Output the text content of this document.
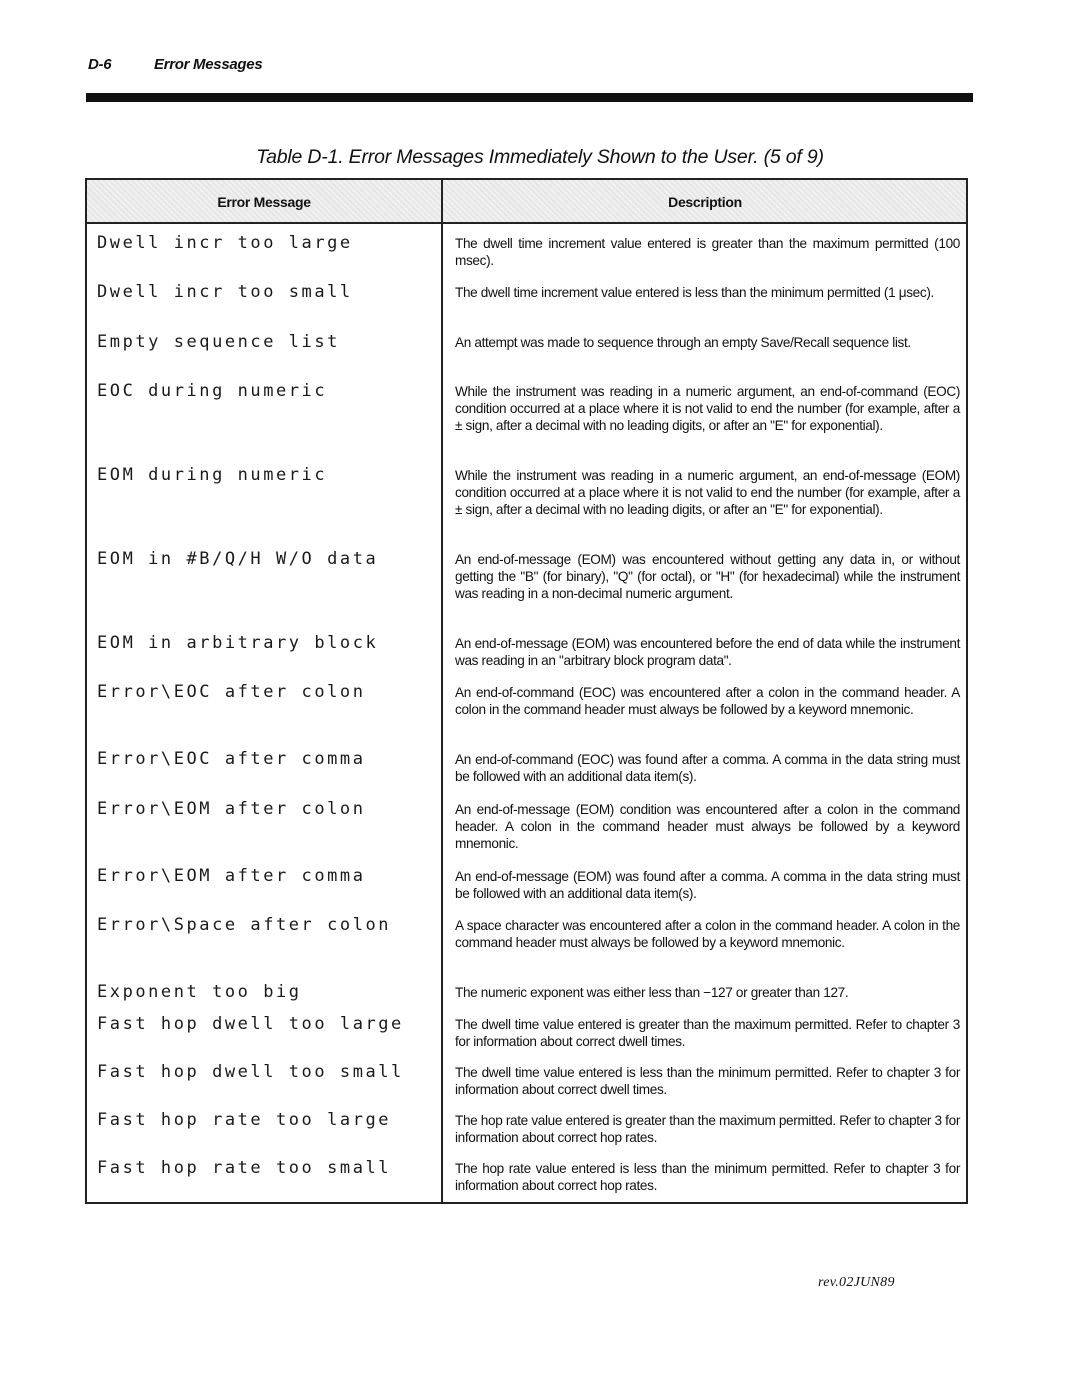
D-6	Error Messages
Table D-1. Error Messages Immediately Shown to the User. (5 of 9)
Error Message	Description
Dwell incr too large	The dwell time increment value entered is greater than the maximum permitted (100 msec).
Dwell incr too small	The dwell time increment value entered is less than the minimum permitted (1 μsec).
Empty sequence list	An attempt was made to sequence through an empty Save/Recall sequence list.
EOC during numeric	While the instrument was reading in a numeric argument, an end-of-command (EOC) condition occurred at a place where it is not valid to end the number (for example, after a ± sign, after a decimal with no leading digits, or after an "E" for exponential).
EOM during numeric	While the instrument was reading in a numeric argument, an end-of-message (EOM) condition occurred at a place where it is not valid to end the number (for example, after a ± sign, after a decimal with no leading digits, or after an "E" for exponential).
EOM in #B/Q/H W/O data	An end-of-message (EOM) was encountered without getting any data in, or without getting the "B" (for binary), "Q" (for octal), or "H" (for hexadecimal) while the instrument was reading in a non-decimal numeric argument.
EOM in arbitrary block	An end-of-message (EOM) was encountered before the end of data while the instrument was reading in an "arbitrary block program data".
Error\EOC after colon	An end-of-command (EOC) was encountered after a colon in the command header. A colon in the command header must always be followed by a keyword mnemonic.
Error\EOC after comma	An end-of-command (EOC) was found after a comma. A comma in the data string must be followed with an additional data item(s).
Error\EOM after colon	An end-of-message (EOM) condition was encountered after a colon in the command header. A colon in the command header must always be followed by a keyword mnemonic.
Error\EOM after comma	An end-of-message (EOM) was found after a comma. A comma in the data string must be followed with an additional data item(s).
Error\Space after colon	A space character was encountered after a colon in the command header. A colon in the command header must always be followed by a keyword mnemonic.
Exponent too big	The numeric exponent was either less than −127 or greater than 127.
Fast hop dwell too large	The dwell time value entered is greater than the maximum permitted. Refer to chapter 3 for information about correct dwell times.
Fast hop dwell too small	The dwell time value entered is less than the minimum permitted. Refer to chapter 3 for information about correct dwell times.
Fast hop rate too large	The hop rate value entered is greater than the maximum permitted. Refer to chapter 3 for information about correct hop rates.
Fast hop rate too small	The hop rate value entered is less than the minimum permitted. Refer to chapter 3 for information about correct hop rates.
rev.02JUN89
